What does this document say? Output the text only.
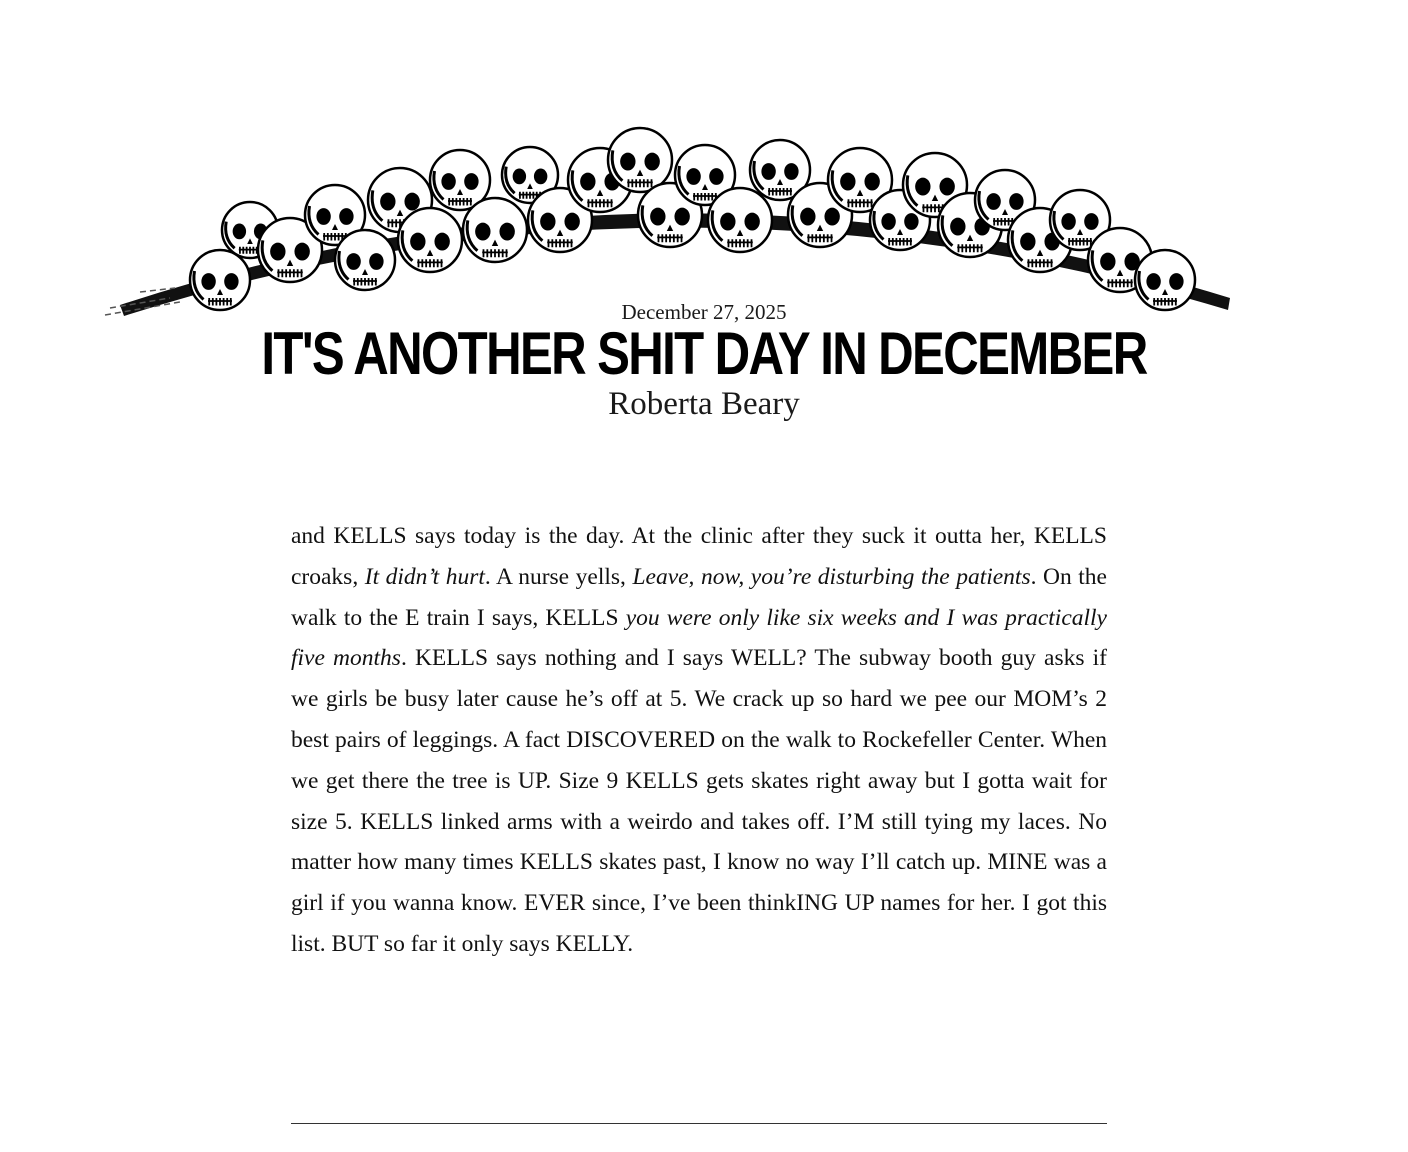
December 27, 2025
IT'S ANOTHER SHIT DAY IN DECEMBER
Roberta Beary

and KELLS says today is the day. At the clinic after they suck it outta her, KELLS croaks, It didn’t hurt. A nurse yells, Leave, now, you’re disturbing the patients. On the walk to the E train I says, KELLS you were only like six weeks and I was practically five months. KELLS says nothing and I says WELL? The subway booth guy asks if we girls be busy later cause he’s off at 5. We crack up so hard we pee our MOM’s 2 best pairs of leggings. A fact DISCOVERED on the walk to Rockefeller Center. When we get there the tree is UP. Size 9 KELLS gets skates right away but I gotta wait for size 5. KELLS linked arms with a weirdo and takes off. I’M still tying my laces. No matter how many times KELLS skates past, I know no way I’ll catch up. MINE was a girl if you wanna know. EVER since, I’ve been thinkING UP names for her. I got this list. BUT so far it only says KELLY.
